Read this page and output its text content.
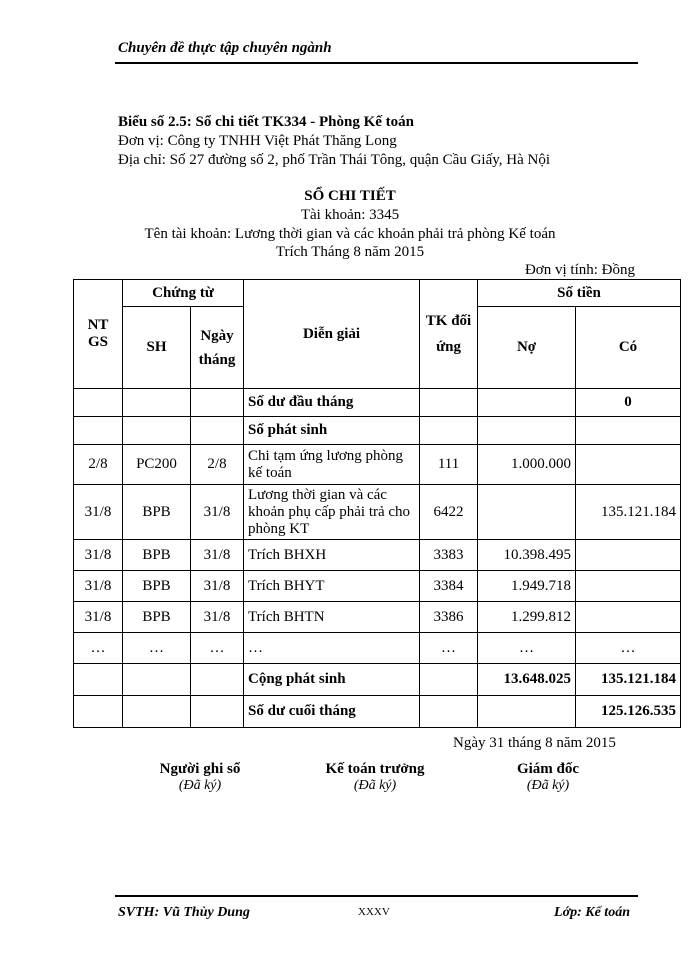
Chuyên đề thực tập chuyên ngành
Biểu số 2.5: Sổ chi tiết TK334 - Phòng Kế toán
Đơn vị: Công ty TNHH Việt Phát Thăng Long
Địa chỉ: Số 27 đường số 2, phố Trần Thái Tông, quận Cầu Giấy, Hà Nội
SỔ CHI TIẾT
Tài khoản: 3345
Tên tài khoản: Lương thời gian và các khoản phải trả phòng Kế toán
Trích Tháng 8 năm 2015
Đơn vị tính: Đồng
NT GS	Chứng từ		Diễn giải	TK đối ứng	Số tiền	
	SH	Ngày tháng			Nợ	Có
			Số dư đầu tháng			0
			Số phát sinh			
2/8	PC200	2/8	Chi tạm ứng lương phòng kế toán	111	1.000.000	
31/8	BPB	31/8	Lương thời gian và các khoản phụ cấp phải trả cho phòng KT	6422		135.121.184
31/8	BPB	31/8	Trích BHXH	3383	10.398.495	
31/8	BPB	31/8	Trích BHYT	3384	1.949.718	
31/8	BPB	31/8	Trích BHTN	3386	1.299.812	
…	…	…	…	…	…	…
			Cộng phát sinh		13.648.025	135.121.184
			Số dư cuối tháng			125.126.535
Ngày 31 tháng 8 năm 2015
Người ghi sổ
(Đã ký)
Kế toán trưởng
(Đã ký)
Giám đốc
(Đã ký)
SVTH: Vũ Thùy Dung	XXXV	Lớp: Kế toán
